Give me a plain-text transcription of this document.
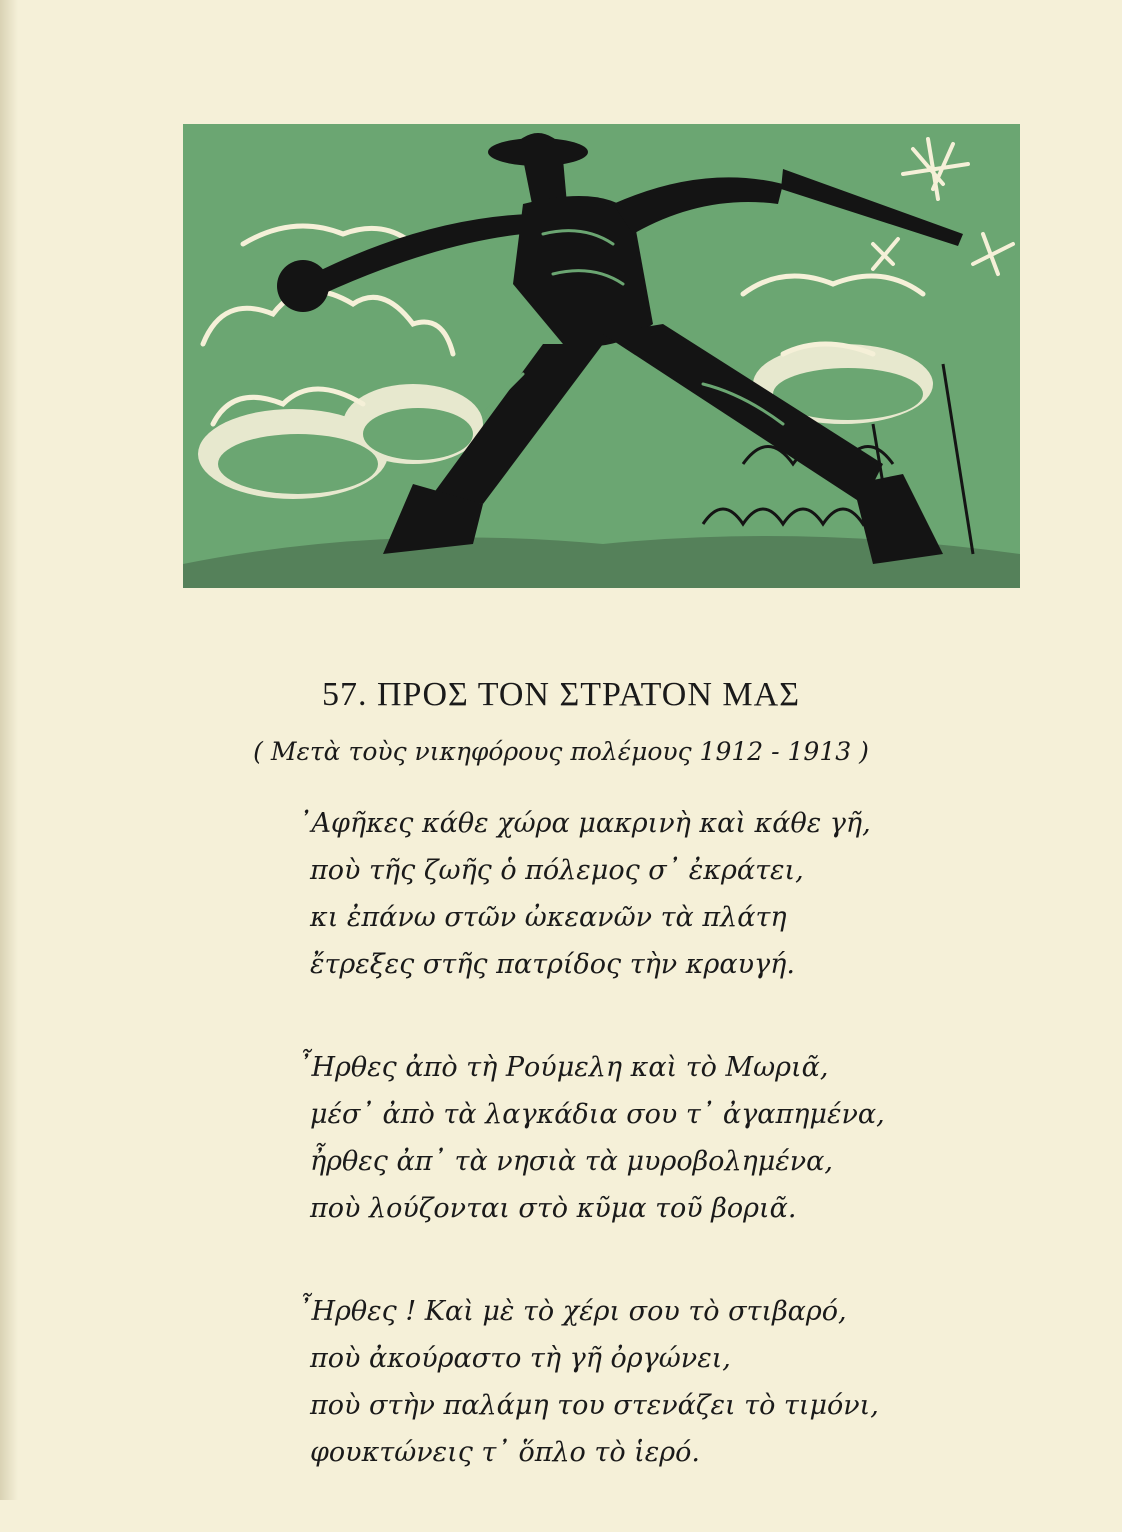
57. ΠΡΟΣ ΤΟΝ ΣΤΡΑΤΟΝ ΜΑΣ
( Μετὰ τοὺς νικηφόρους πολέμους 1912 - 1913 )
᾿Αφῆκες κάθε χώρα μακρινὴ καὶ κάθε γῆ,
ποὺ τῆς ζωῆς ὁ πόλεμος σ᾿ ἐκράτει,
κι ἐπάνω στῶν ὠκεανῶν τὰ πλάτη
ἔτρεξες στῆς πατρίδος τὴν κραυγή.
῏Ηρθες ἀπὸ τὴ Ρούμελη καὶ τὸ Μωριᾶ,
μέσ᾿ ἀπὸ τὰ λαγκάδια σου τ᾿ ἀγαπημένα,
ἦρθες ἀπ᾿ τὰ νησιὰ τὰ μυροβολημένα,
ποὺ λούζονται στὸ κῦμα τοῦ βοριᾶ.
῏Ηρθες ! Καὶ μὲ τὸ χέρι σου τὸ στιβαρό,
ποὺ ἀκούραστο τὴ γῆ ὀργώνει,
ποὺ στὴν παλάμη του στενάζει τὸ τιμόνι,
φουκτώνεις τ᾿ ὅπλο τὸ ἱερό.
